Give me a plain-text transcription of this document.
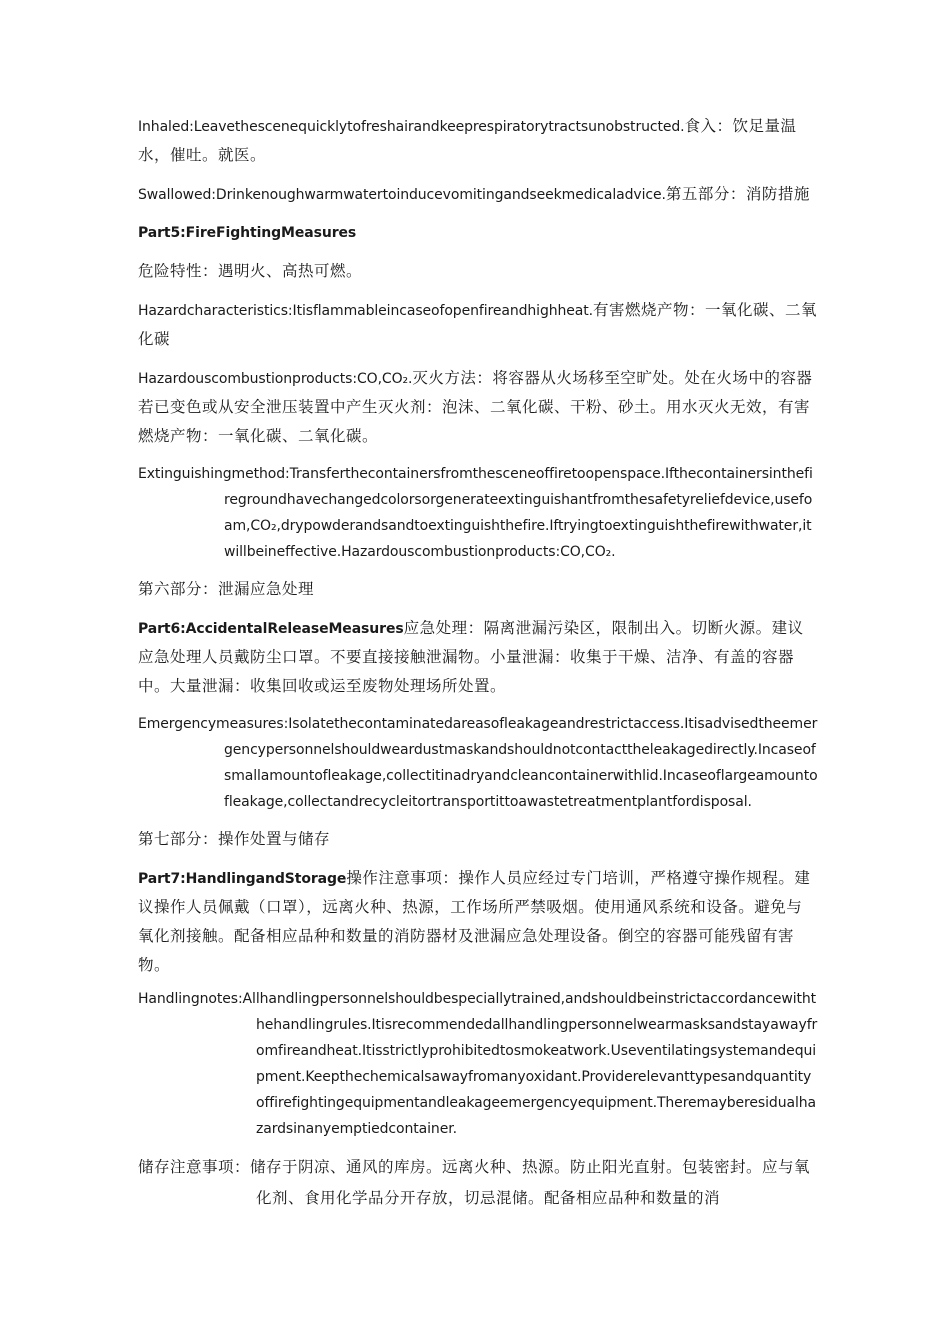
Inhaled:Leavethescenequicklytofreshairandkeeprespiratorytractsunobstructed.食入：饮足量温水，催吐。就医。

Swallowed:Drinkenoughwarmwatertoinducevomitingandseekmedicaladvice.第五部分：消防措施

Part5:FireFightingMeasures

危险特性：遇明火、高热可燃。

Hazardcharacteristics:Itisflammableincaseofopenfireandhighheat.有害燃烧产物：一氧化碳、二氧化碳

Hazardouscombustionproducts:CO,CO₂.灭火方法：将容器从火场移至空旷处。处在火场中的容器若已变色或从安全泄压装置中产生灭火剂：泡沫、二氧化碳、干粉、砂土。用水灭火无效，有害燃烧产物：一氧化碳、二氧化碳。

Extinguishingmethod:Transferthecontainersfromthesceneoffiretoopenspace.Ifthecontainersinthefiregroundhavechangedcolorsorgenerateextinguishantfromthesafetyreliefdevice,usefoam,CO₂,drypowderandsandtoextinguishthefire.Iftryingtoextinguishthefirewithwater,itwillbeineffective.Hazardouscombustionproducts:CO,CO₂.

第六部分：泄漏应急处理

Part6:AccidentalReleaseMeasures应急处理：隔离泄漏污染区，限制出入。切断火源。建议应急处理人员戴防尘口罩。不要直接接触泄漏物。小量泄漏：收集于干燥、洁净、有盖的容器中。大量泄漏：收集回收或运至废物处理场所处置。

Emergencymeasures:Isolatethecontaminatedareasofleakageandrestrictaccess.Itisadvisedtheemergencypersonnelshouldweardustmaskandshouldnotcontacttheleakagedirectly.Incaseofsmallamountofleakage,collectitinadryandcleancontainerwithlid.Incaseoflargeamountofleakage,collectandrecycleitortransportittoawastetreatmentplantfordisposal.

第七部分：操作处置与储存

Part7:HandlingandStorage操作注意事项：操作人员应经过专门培训，严格遵守操作规程。建议操作人员佩戴（口罩），远离火种、热源，工作场所严禁吸烟。使用通风系统和设备。避免与氧化剂接触。配备相应品种和数量的消防器材及泄漏应急处理设备。倒空的容器可能残留有害物。

Handlingnotes:Allhandlingpersonnelshouldbespeciallytrained,andshouldbeinstrictaccordancewiththehandlingrules.Itisrecommendedallhandlingpersonnelwearmasksandstayawayfromfireandheat.Itisstrictlyprohibitedtosmokeatwork.Useventilatingsystemandequipment.Keepthechemicalsawayfromanyoxidant.Providerelevanttypesandquantityoffirefightingequipmentandleakageemergencyequipment.Theremayberesidualhazardsinanyemptiedcontainer.

储存注意事项：储存于阴凉、通风的库房。远离火种、热源。防止阳光直射。包装密封。应与氧化剂、食用化学品分开存放，切忌混储。配备相应品种和数量的消
